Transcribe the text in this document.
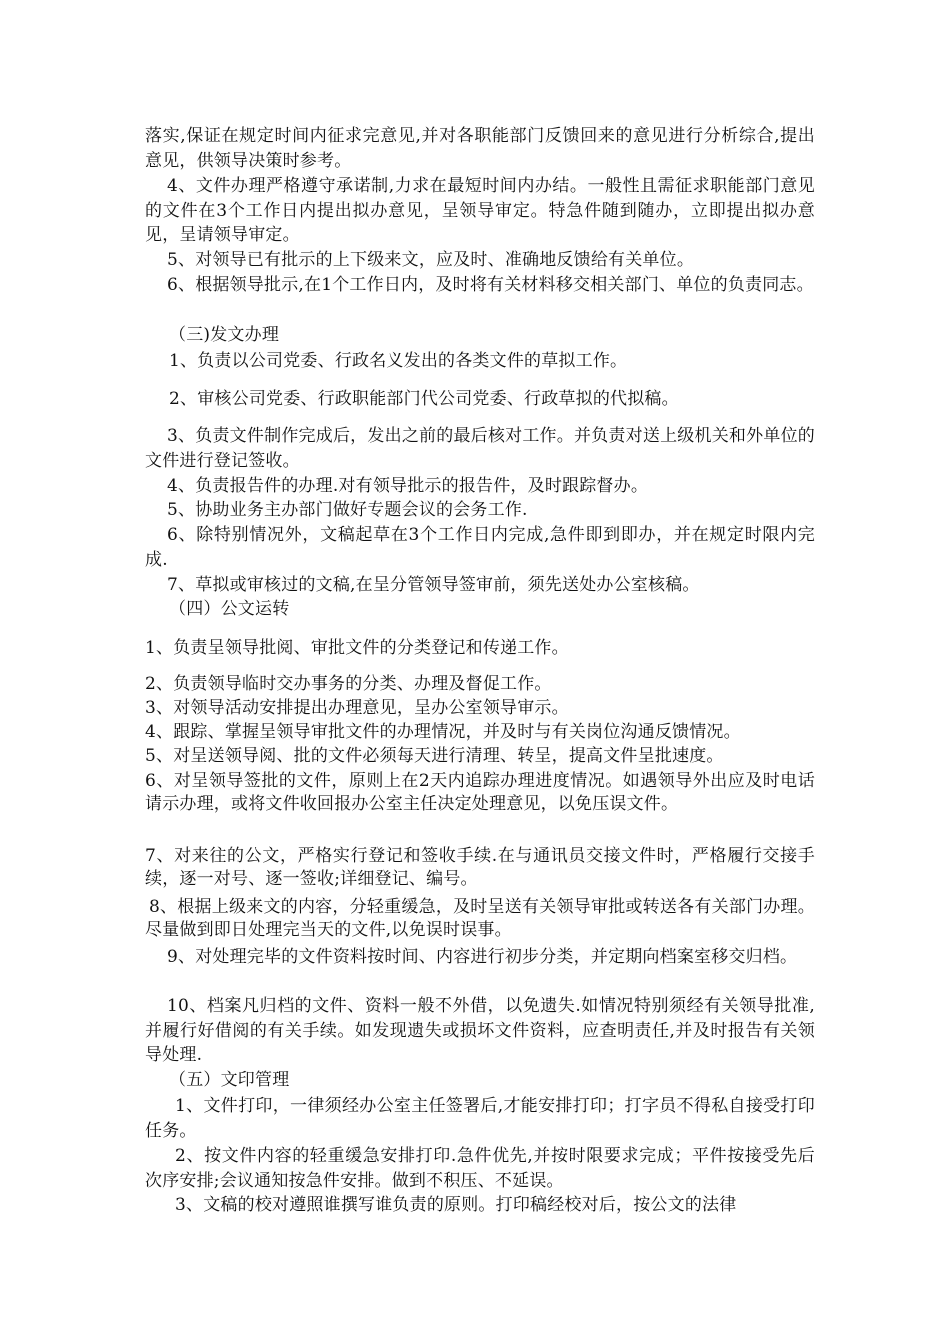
落实,保证在规定时间内征求完意见,并对各职能部门反馈回来的意见进行分析综合,提出意见，供领导决策时参考。
4、文件办理严格遵守承诺制,力求在最短时间内办结。一般性且需征求职能部门意见的文件在3个工作日内提出拟办意见，呈领导审定。特急件随到随办，立即提出拟办意见，呈请领导审定。
5、对领导已有批示的上下级来文，应及时、准确地反馈给有关单位。
6、根据领导批示,在1个工作日内，及时将有关材料移交相关部门、单位的负责同志。
（三)发文办理
1、负责以公司党委、行政名义发出的各类文件的草拟工作。
2、审核公司党委、行政职能部门代公司党委、行政草拟的代拟稿。
3、负责文件制作完成后，发出之前的最后核对工作。并负责对送上级机关和外单位的文件进行登记签收。
4、负责报告件的办理.对有领导批示的报告件，及时跟踪督办。
5、协助业务主办部门做好专题会议的会务工作.
6、除特别情况外，文稿起草在3个工作日内完成,急件即到即办，并在规定时限内完成.
7、草拟或审核过的文稿,在呈分管领导签审前，须先送处办公室核稿。
（四）公文运转
1、负责呈领导批阅、审批文件的分类登记和传递工作。
2、负责领导临时交办事务的分类、办理及督促工作。
3、对领导活动安排提出办理意见，呈办公室领导审示。
4、跟踪、掌握呈领导审批文件的办理情况，并及时与有关岗位沟通反馈情况。
5、对呈送领导阅、批的文件必须每天进行清理、转呈，提高文件呈批速度。
6、对呈领导签批的文件，原则上在2天内追踪办理进度情况。如遇领导外出应及时电话请示办理，或将文件收回报办公室主任决定处理意见，以免压误文件。
7、对来往的公文，严格实行登记和签收手续.在与通讯员交接文件时，严格履行交接手续，逐一对号、逐一签收;详细登记、编号。
8、根据上级来文的内容，分轻重缓急，及时呈送有关领导审批或转送各有关部门办理。尽量做到即日处理完当天的文件,以免误时误事。
9、对处理完毕的文件资料按时间、内容进行初步分类，并定期向档案室移交归档。
10、档案凡归档的文件、资料一般不外借，以免遗失.如情况特别须经有关领导批准,并履行好借阅的有关手续。如发现遗失或损坏文件资料，应查明责任,并及时报告有关领导处理.
（五）文印管理
1、文件打印，一律须经办公室主任签署后,才能安排打印；打字员不得私自接受打印任务。
2、按文件内容的轻重缓急安排打印.急件优先,并按时限要求完成；平件按接受先后次序安排;会议通知按急件安排。做到不积压、不延误。
3、文稿的校对遵照谁撰写谁负责的原则。打印稿经校对后，按公文的法律
